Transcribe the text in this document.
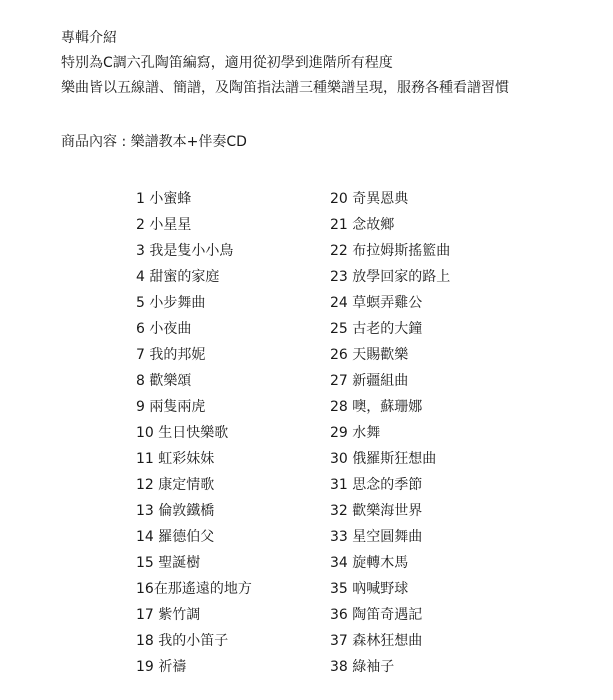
專輯介紹
特別為C調六孔陶笛編寫，適用從初學到進階所有程度
樂曲皆以五線譜、簡譜，及陶笛指法譜三種樂譜呈現，服務各種看譜習慣
商品內容 : 樂譜教本+伴奏CD
1 小蜜蜂
2 小星星
3 我是隻小小鳥
4 甜蜜的家庭
5 小步舞曲
6 小夜曲
7 我的邦妮
8 歡樂頌
9 兩隻兩虎
10 生日快樂歌
11 虹彩妹妹
12 康定情歌
13 倫敦鐵橋
14 羅德伯父
15 聖誕樹
16在那遙遠的地方
17 紫竹調
18 我的小笛子
19 祈禱
20 奇異恩典
21 念故鄉
22 布拉姆斯搖籃曲
23 放學回家的路上
24 草螟弄雞公
25 古老的大鐘
26 天賜歡樂
27 新疆組曲
28 噢，蘇珊娜
29 水舞
30 俄羅斯狂想曲
31 思念的季節
32 歡樂海世界
33 星空圓舞曲
34 旋轉木馬
35 吶喊野球
36 陶笛奇遇記
37 森林狂想曲
38 綠袖子
